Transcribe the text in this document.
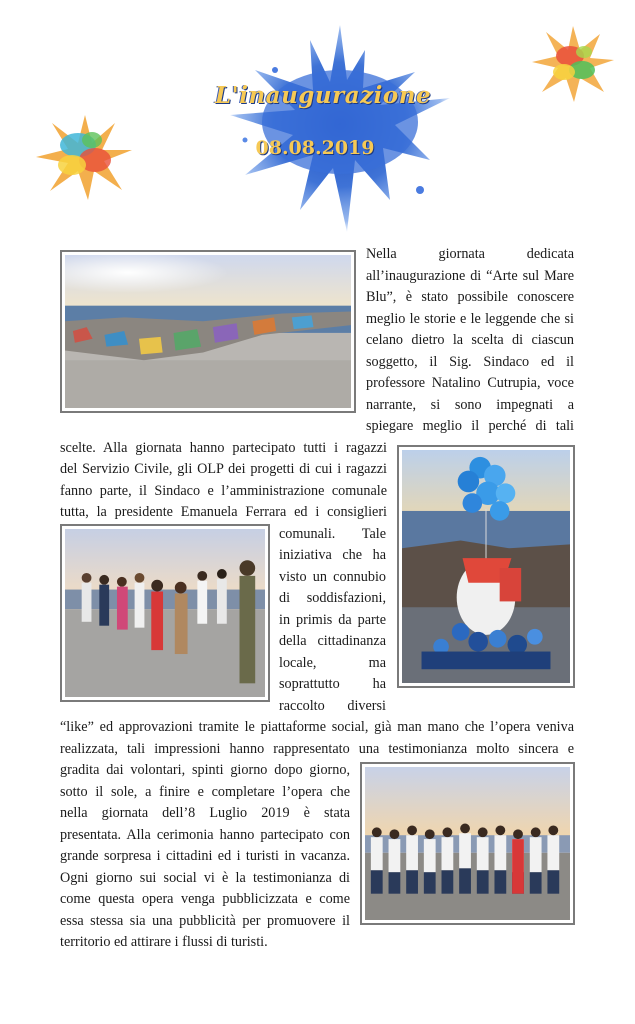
L'inaugurazione
08.08.2019
Nella giornata dedicata
all’inaugurazione di “Arte sul Mare
Blu”, è stato possibile conoscere
meglio le storie e le leggende che si
celano dietro la scelta di ciascun
soggetto, il Sig. Sindaco ed il
professore Natalino Cutrupia, voce
narrante, si sono impegnati a
spiegare meglio il perché di tali
scelte. Alla giornata hanno partecipato tutti i ragazzi
del Servizio Civile, gli OLP dei progetti di cui i ragazzi
fanno parte, il Sindaco e l’amministrazione comunale
tutta, la presidente Emanuela Ferrara ed i consiglieri
comunali. Tale
iniziativa che ha
visto un connubio
di soddisfazioni,
in primis da parte
della cittadinanza
locale, ma
soprattutto ha
raccolto diversi
“like” ed approvazioni tramite le piattaforme social, già man mano che l’opera veniva
realizzata, tali impressioni hanno rappresentato una testimonianza molto sincera e
gradita dai volontari, spinti giorno dopo giorno,
sotto il sole, a finire e completare l’opera che
nella giornata dell’8 Luglio 2019 è stata
presentata. Alla cerimonia hanno partecipato con
grande sorpresa i cittadini ed i turisti in vacanza.
Ogni giorno sui social vi è la testimonianza di
come questa opera venga pubblicizzata e come
essa stessa sia una pubblicità per promuovere il
territorio ed attirare i flussi di turisti.
